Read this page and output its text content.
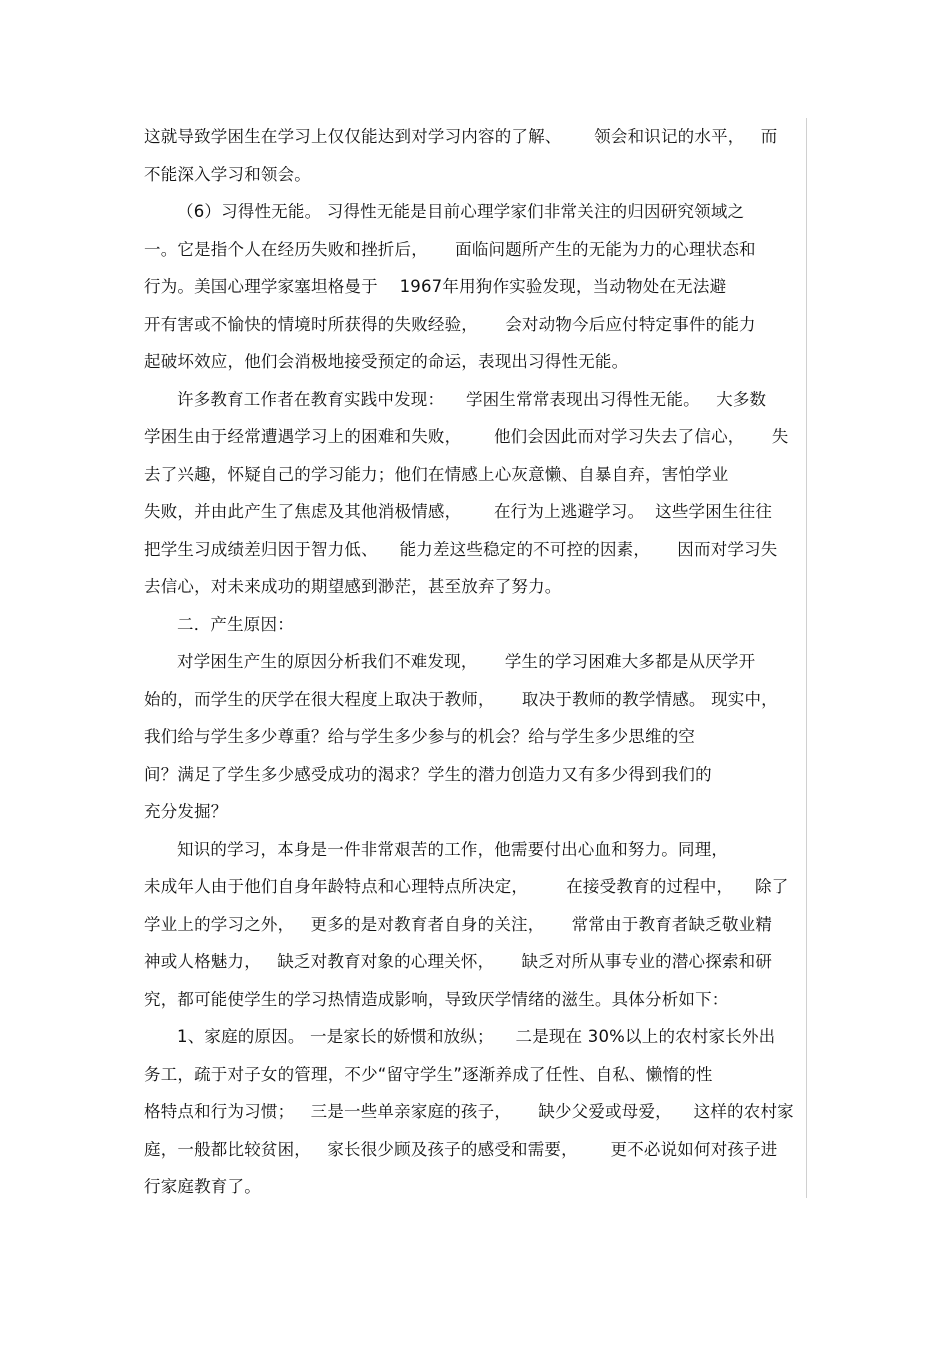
这就导致学困生在学习上仅仅能达到对学习内容的了解、      领会和识记的水平，   而
不能深入学习和领会。
（6）习得性无能。 习得性无能是目前心理学家们非常关注的归因研究领域之
一。它是指个人在经历失败和挫折后，     面临问题所产生的无能为力的心理状态和
行为。美国心理学家塞坦格曼于    1967年用狗作实验发现，当动物处在无法避
开有害或不愉快的情境时所获得的失败经验，     会对动物今后应付特定事件的能力
起破坏效应，他们会消极地接受预定的命运，表现出习得性无能。
许多教育工作者在教育实践中发现：    学困生常常表现出习得性无能。   大多数
学困生由于经常遭遇学习上的困难和失败，      他们会因此而对学习失去了信心，     失
去了兴趣，怀疑自己的学习能力；他们在情感上心灰意懒、自暴自弃，害怕学业
失败，并由此产生了焦虑及其他消极情感，      在行为上逃避学习。  这些学困生往往
把学生习成绩差归因于智力低、    能力差这些稳定的不可控的因素，     因而对学习失
去信心，对未来成功的期望感到渺茫，甚至放弃了努力。
二．产生原因：
对学困生产生的原因分析我们不难发现，     学生的学习困难大多都是从厌学开
始的，而学生的厌学在很大程度上取决于教师，     取决于教师的教学情感。 现实中，
我们给与学生多少尊重？给与学生多少参与的机会？给与学生多少思维的空
间？满足了学生多少感受成功的渴求？学生的潜力创造力又有多少得到我们的
充分发掘？
知识的学习，本身是一件非常艰苦的工作，他需要付出心血和努力。同理，
未成年人由于他们自身年龄特点和心理特点所决定，       在接受教育的过程中，    除了
学业上的学习之外，   更多的是对教育者自身的关注，     常常由于教育者缺乏敬业精
神或人格魅力，   缺乏对教育对象的心理关怀，     缺乏对所从事专业的潜心探索和研
究，都可能使学生的学习热情造成影响，导致厌学情绪的滋生。具体分析如下：
1、家庭的原因。 一是家长的娇惯和放纵；    二是现在 30%以上的农村家长外出
务工，疏于对子女的管理，不少“留守学生”逐渐养成了任性、自私、懒惰的性
格特点和行为习惯；   三是一些单亲家庭的孩子，     缺少父爱或母爱，    这样的农村家
庭，一般都比较贫困，   家长很少顾及孩子的感受和需要，      更不必说如何对孩子进
行家庭教育了。
